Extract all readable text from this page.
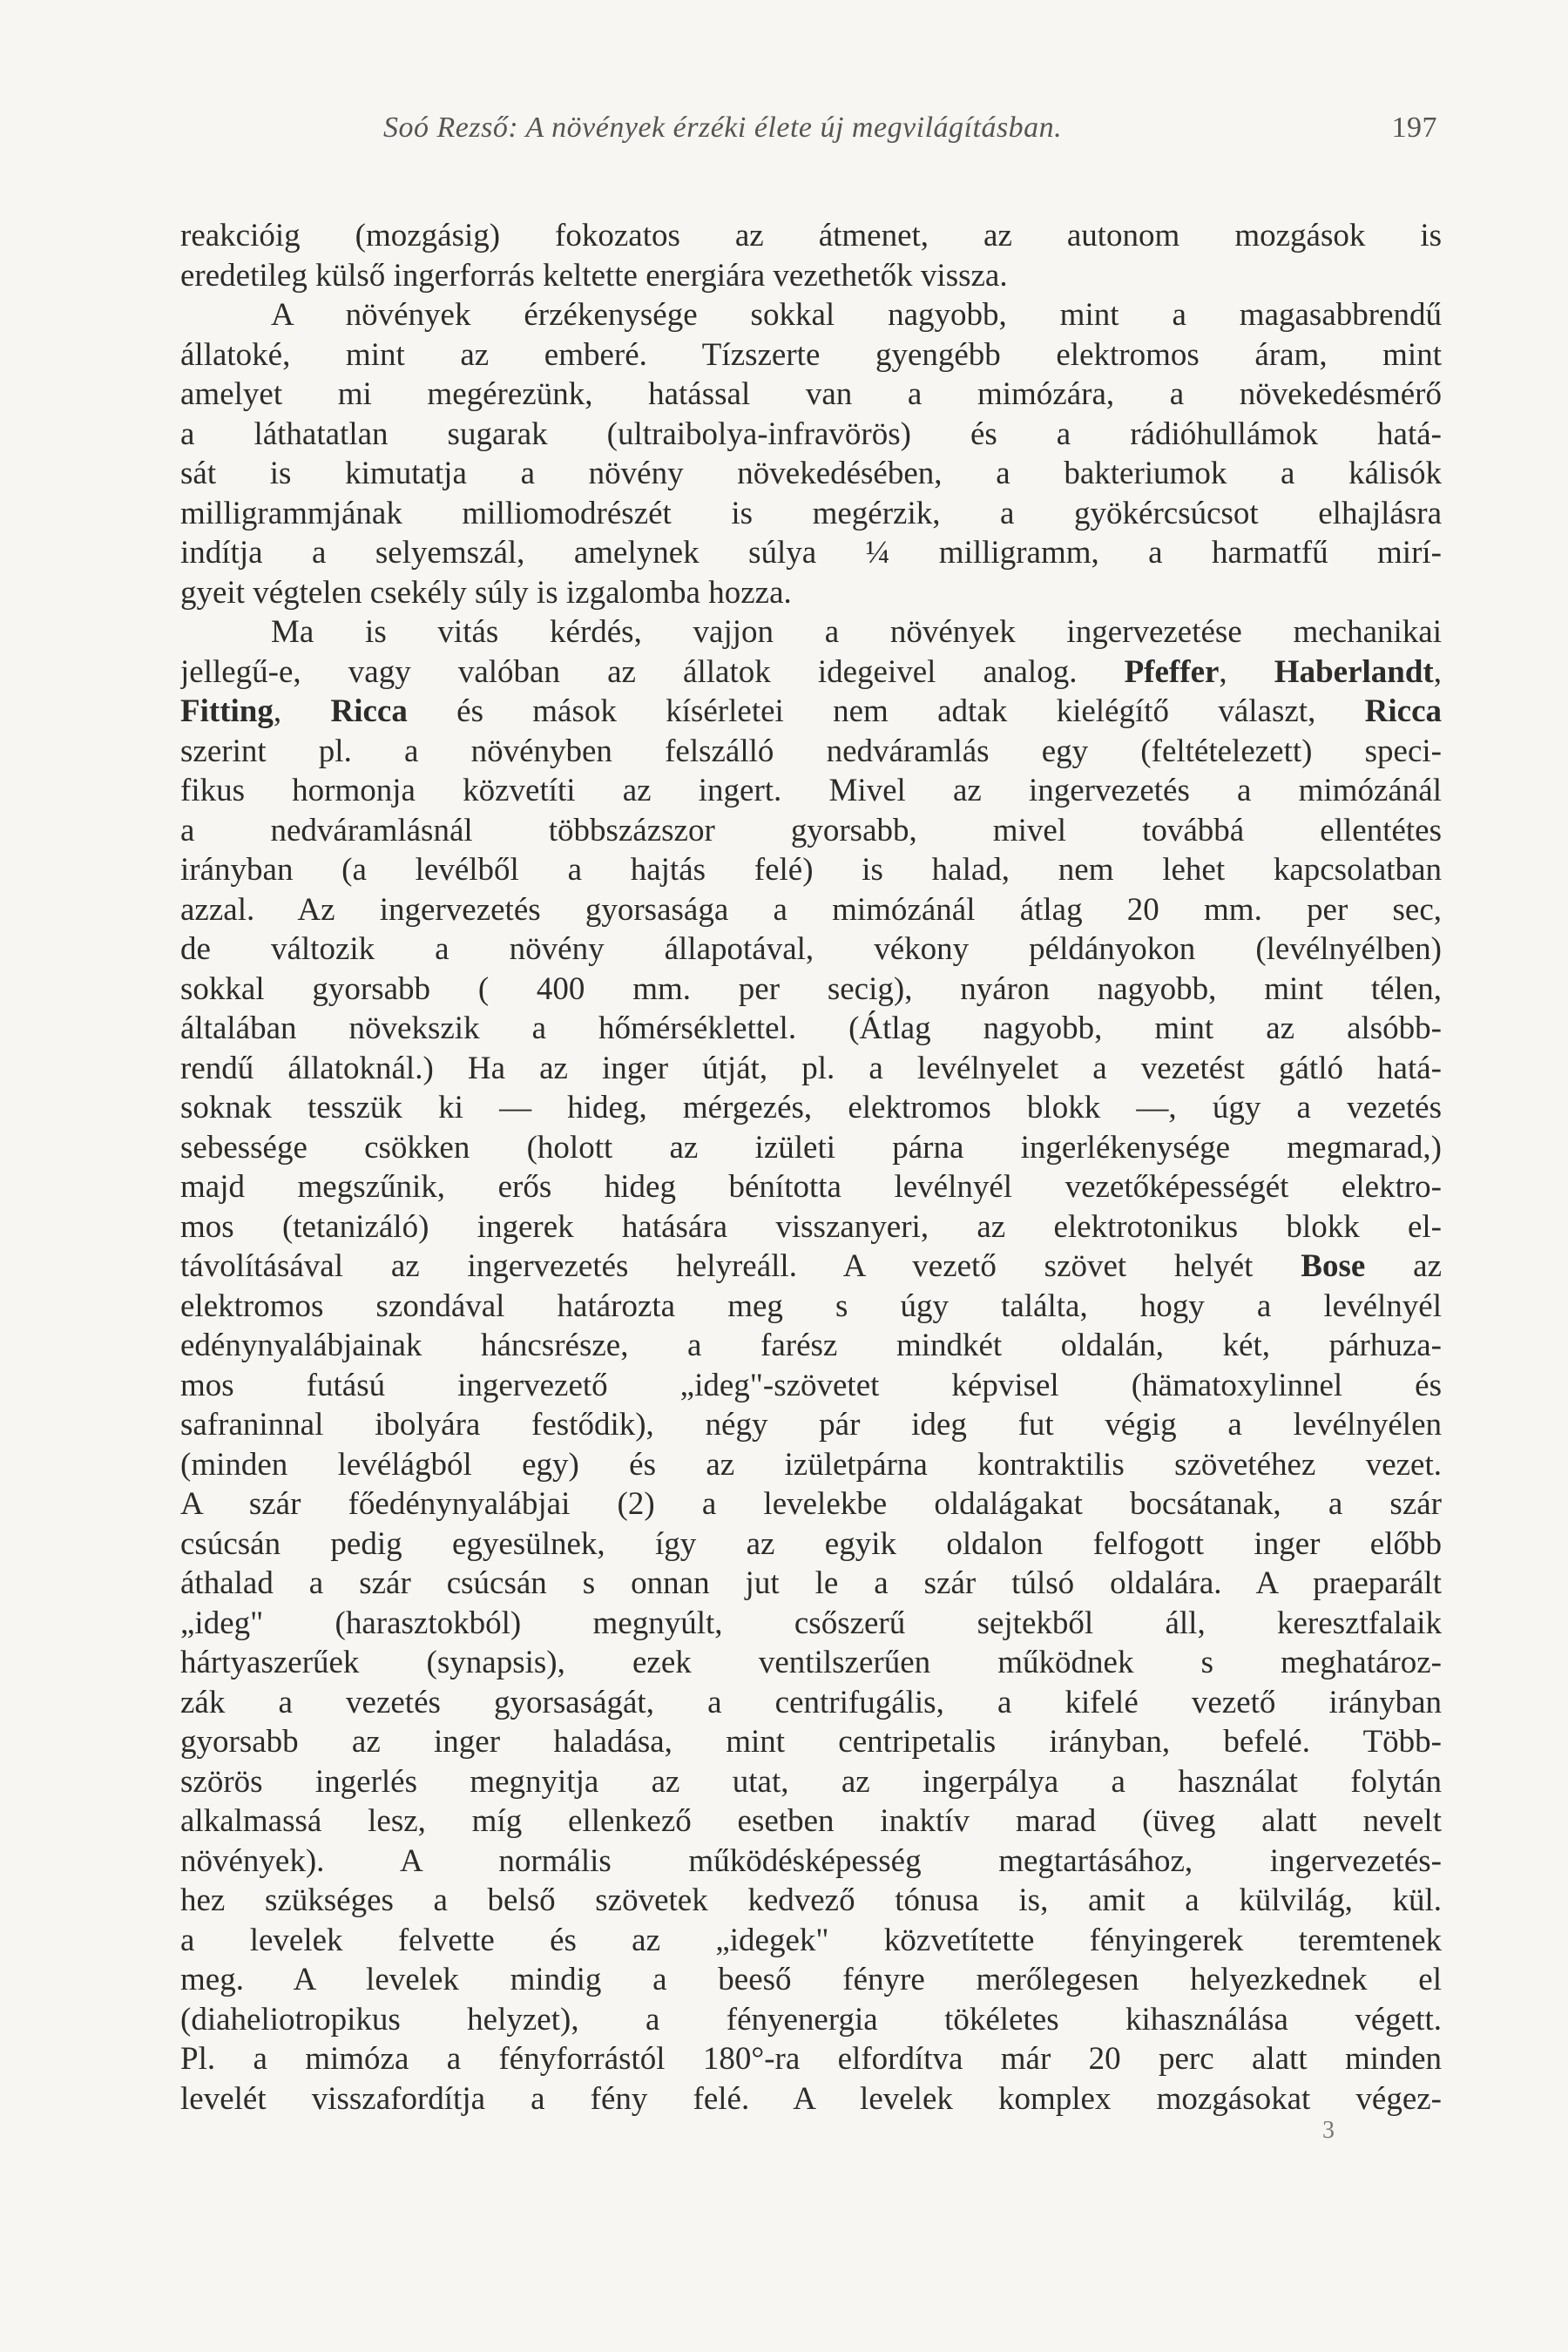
Soó Rezső: A növények érzéki élete új megvilágításban.	197
reakcióig (mozgásig) fokozatos az átmenet, az autonom mozgások is
eredetileg külső ingerforrás keltette energiára vezethetők vissza.
A növények érzékenysége sokkal nagyobb, mint a magasabbrendű
állatoké, mint az emberé. Tízszerte gyengébb elektromos áram, mint
amelyet mi megérezünk, hatással van a mimózára, a növekedésmérő
a láthatatlan sugarak (ultraibolya-infravörös) és a rádióhullámok hatá-
sát is kimutatja a növény növekedésében, a bakteriumok a kálisók
milligrammjának milliomodrészét is megérzik, a gyökércsúcsot elhajlásra
indítja a selyemszál, amelynek súlya ¼ milligramm, a harmatfű mirí-
gyeit végtelen csekély súly is izgalomba hozza.
Ma is vitás kérdés, vajjon a növények ingervezetése mechanikai
jellegű-e, vagy valóban az állatok idegeivel analog. Pfeffer, Haberlandt,
Fitting, Ricca és mások kísérletei nem adtak kielégítő választ, Ricca
szerint pl. a növényben felszálló nedváramlás egy (feltételezett) speci-
fikus hormonja közvetíti az ingert. Mivel az ingervezetés a mimózánál
a nedváramlásnál többszázszor gyorsabb, mivel továbbá ellentétes
irányban (a levélből a hajtás felé) is halad, nem lehet kapcsolatban
azzal. Az ingervezetés gyorsasága a mimózánál átlag 20 mm. per sec,
de változik a növény állapotával, vékony példányokon (levélnyélben)
sokkal gyorsabb ( 400 mm. per secig), nyáron nagyobb, mint télen,
általában növekszik a hőmérséklettel. (Átlag nagyobb, mint az alsóbb-
rendű állatoknál.) Ha az inger útját, pl. a levélnyelet a vezetést gátló hatá-
soknak tesszük ki — hideg, mérgezés, elektromos blokk —, úgy a vezetés
sebessége csökken (holott az izületi párna ingerlékenysége megmarad,)
majd megszűnik, erős hideg bénította levélnyél vezetőképességét elektro-
mos (tetanizáló) ingerek hatására visszanyeri, az elektrotonikus blokk el-
távolításával az ingervezetés helyreáll. A vezető szövet helyét Bose az
elektromos szondával határozta meg s úgy találta, hogy a levélnyél
edénynyalábjainak háncsrésze, a farész mindkét oldalán, két, párhuza-
mos futású ingervezető „ideg"-szövetet képvisel (hämatoxylinnel és
safraninnal ibolyára festődik), négy pár ideg fut végig a levélnyélen
(minden levélágból egy) és az izületpárna kontraktilis szövetéhez vezet.
A szár főedénynyalábjai (2) a levelekbe oldalágakat bocsátanak, a szár
csúcsán pedig egyesülnek, így az egyik oldalon felfogott inger előbb
áthalad a szár csúcsán s onnan jut le a szár túlsó oldalára. A praeparált
„ideg" (harasztokból) megnyúlt, csőszerű sejtekből áll, keresztfalaik
hártyaszerűek (synapsis), ezek ventilszerűen működnek s meghatároz-
zák a vezetés gyorsaságát, a centrifugális, a kifelé vezető irányban
gyorsabb az inger haladása, mint centripetalis irányban, befelé. Több-
szörös ingerlés megnyitja az utat, az ingerpálya a használat folytán
alkalmassá lesz, míg ellenkező esetben inaktív marad (üveg alatt nevelt
növények). A normális működésképesség megtartásához, ingervezetés-
hez szükséges a belső szövetek kedvező tónusa is, amit a külvilág, kül.
a levelek felvette és az „idegek" közvetítette fényingerek teremtenek
meg. A levelek mindig a beeső fényre merőlegesen helyezkednek el
(diaheliotropikus helyzet), a fényenergia tökéletes kihasználása végett.
Pl. a mimóza a fényforrástól 180°-ra elfordítva már 20 perc alatt minden
levelét visszafordítja a fény felé. A levelek komplex mozgásokat végez-
3
